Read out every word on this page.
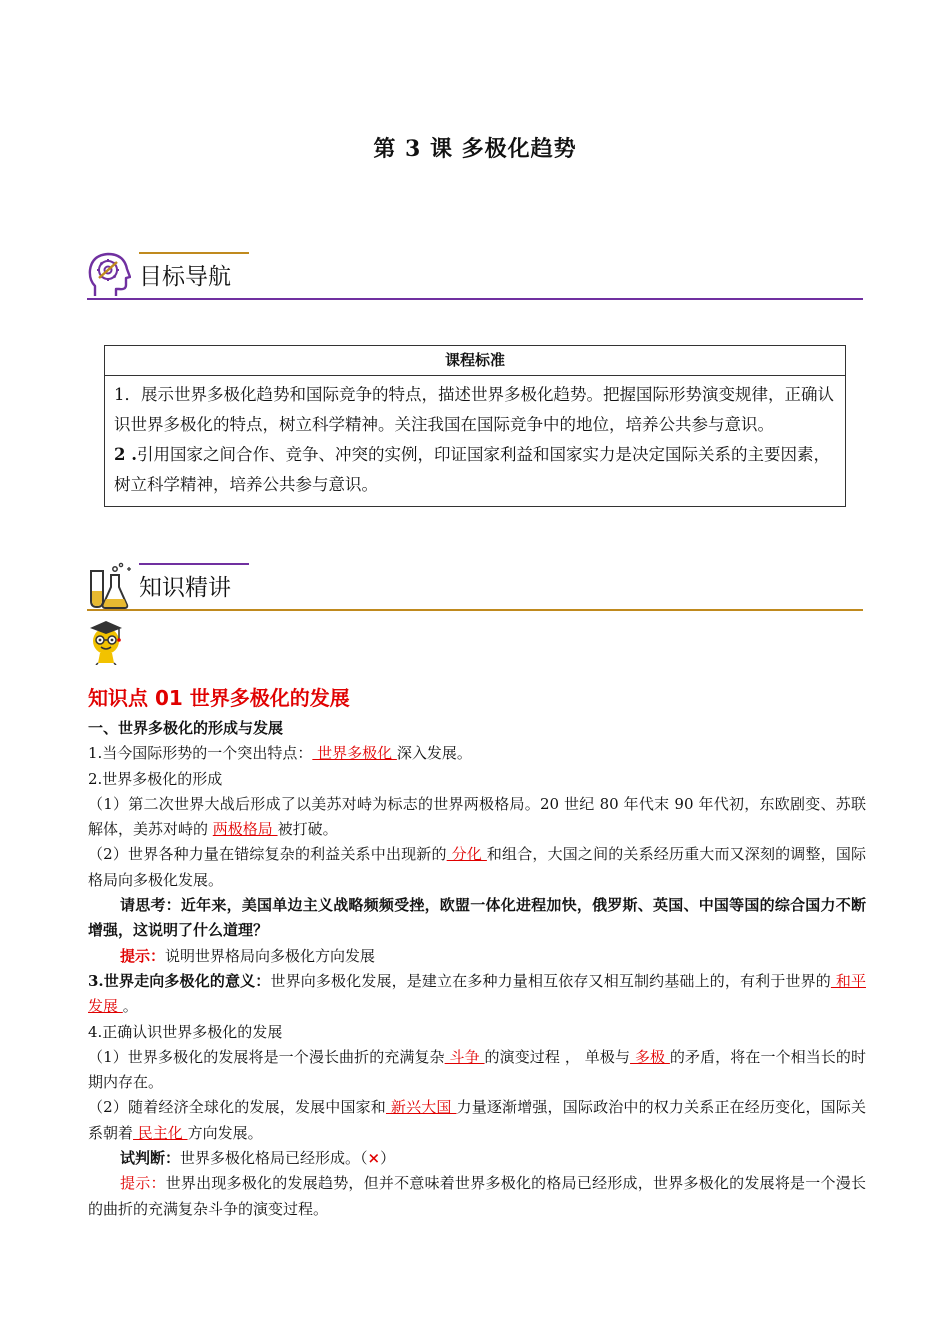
第 3 课 多极化趋势
目标导航
课程标准

1．展示世界多极化趋势和国际竞争的特点，描述世界多极化趋势。把握国际形势演变规律，正确认识世界多极化的特点，树立科学精神。关注我国在国际竞争中的地位，培养公共参与意识。

2 .引用国家之间合作、竞争、冲突的实例，印证国家利益和国家实力是决定国际关系的主要因素，树立科学精神，培养公共参与意识。

知识精讲
知识点 01 世界多极化的发展

一、世界多极化的形成与发展

1.当今国际形势的一个突出特点： 世界多极化 深入发展。

2.世界多极化的形成

（1）第二次世界大战后形成了以美苏对峙为标志的世界两极格局。20 世纪 80 年代末 90 年代初，东欧剧变、苏联解体，美苏对峙的 两极格局 被打破。

（2）世界各种力量在错综复杂的利益关系中出现新的 分化 和组合，大国之间的关系经历重大而又深刻的调整，国际格局向多极化发展。

请思考：近年来，美国单边主义战略频频受挫，欧盟一体化进程加快，俄罗斯、英国、中国等国的综合国力不断增强，这说明了什么道理？

提示：说明世界格局向多极化方向发展

3.世界走向多极化的意义：世界向多极化发展，是建立在多种力量相互依存又相互制约基础上的，有利于世界的 和平发展 。

4.正确认识世界多极化的发展

（1）世界多极化的发展将是一个漫长曲折的充满复杂 斗争 的演变过程 ， 单极与 多极 的矛盾，将在一个相当长的时期内存在。

（2）随着经济全球化的发展，发展中国家和 新兴大国 力量逐渐增强，国际政治中的权力关系正在经历变化，国际关系朝着 民主化 方向发展。

试判断：世界多极化格局已经形成。（×）

提示：世界出现多极化的发展趋势，但并不意味着世界多极化的格局已经形成，世界多极化的发展将是一个漫长的曲折的充满复杂斗争的演变过程。
